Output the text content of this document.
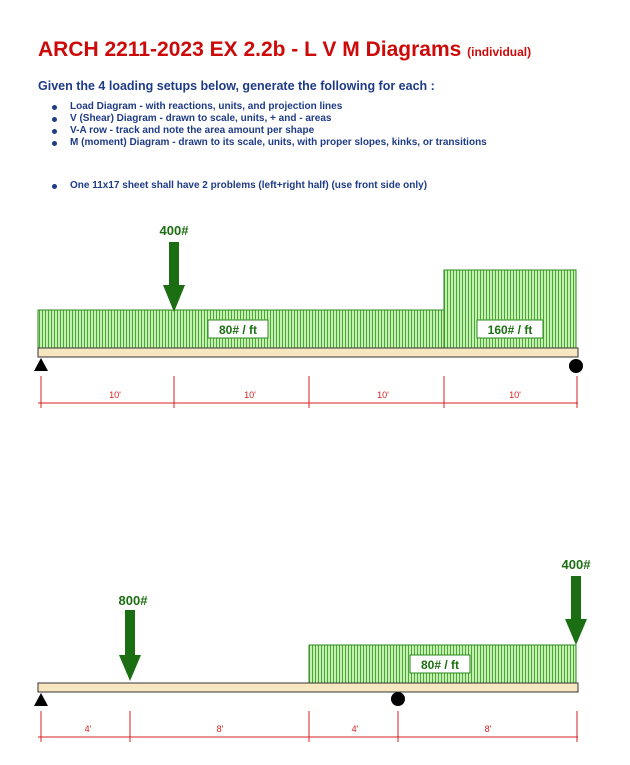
ARCH 2211-2023 EX 2.2b - L V M Diagrams (individual)
Given the 4 loading setups below, generate the following for each :
Load Diagram - with reactions, units, and projection lines
V (Shear) Diagram - drawn to scale, units, + and - areas
V-A row - track and note the area amount per shape
M (moment) Diagram - drawn to its scale, units, with proper slopes, kinks, or transitions
One 11x17 sheet shall have 2 problems (left+right half) (use front side only)
80# / ft	160# / ft
400#
10'	10'	10'	10'
80# / ft
800#
400#
4'	8'	4'	8'
